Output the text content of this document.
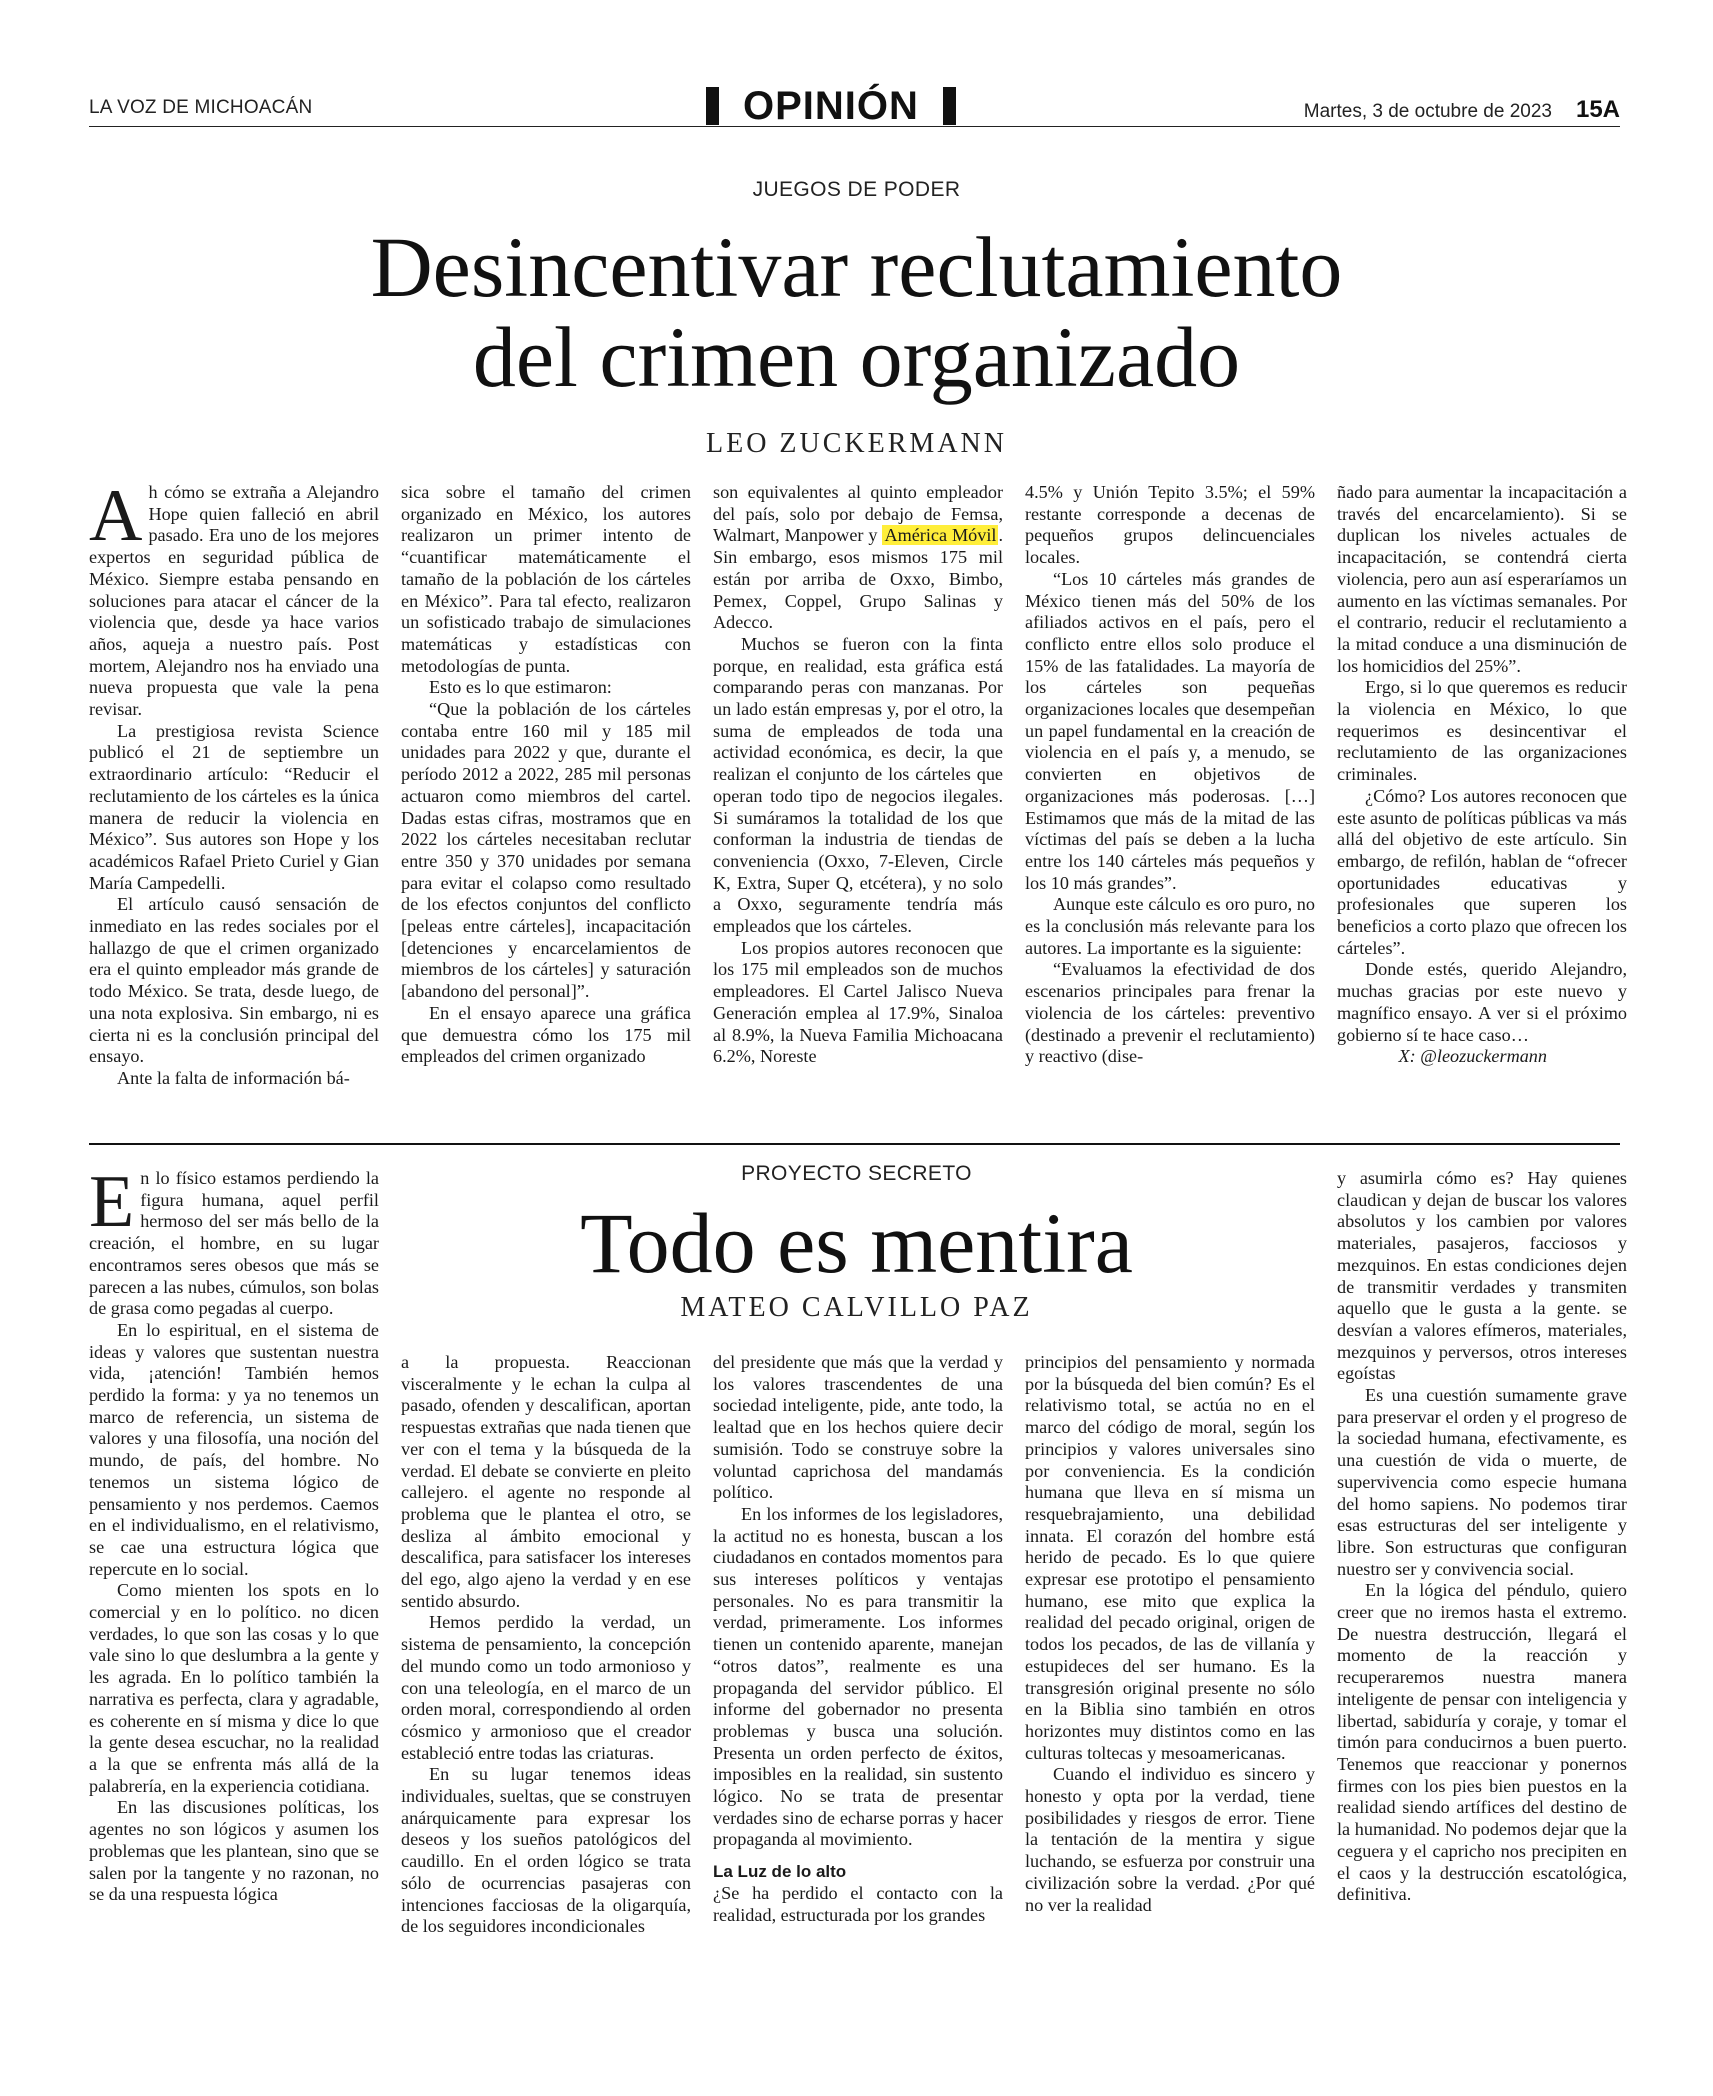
LA VOZ DE MICHOACÁN	OPINIÓN	Martes, 3 de octubre de 2023 15A
JUEGOS DE PODER
Desincentivar reclutamiento
del crimen organizado
LEO ZUCKERMANN

Ah cómo se extraña a Alejandro Hope quien falleció en abril pasado. Era uno de los mejores expertos en seguridad pública de México. Siempre estaba pensando en soluciones para atacar el cáncer de la violencia que, desde ya hace varios años, aqueja a nuestro país. Post mortem, Alejandro nos ha enviado una nueva propuesta que vale la pena revisar.

La prestigiosa revista Science publicó el 21 de septiembre un extraordinario artículo: “Reducir el reclutamiento de los cárteles es la única manera de reducir la violencia en México”. Sus autores son Hope y los académicos Rafael Prieto Curiel y Gian María Campedelli.

El artículo causó sensación de inmediato en las redes sociales por el hallazgo de que el crimen organizado era el quinto empleador más grande de todo México. Se trata, desde luego, de una nota explosiva. Sin embargo, ni es cierta ni es la conclusión principal del ensayo.

Ante la falta de información bá-

sica sobre el tamaño del crimen organizado en México, los autores realizaron un primer intento de “cuantificar matemáticamente el tamaño de la población de los cárteles en México”. Para tal efecto, realizaron un sofisticado trabajo de simulaciones matemáticas y estadísticas con metodologías de punta.

Esto es lo que estimaron:

“Que la población de los cárteles contaba entre 160 mil y 185 mil unidades para 2022 y que, durante el período 2012 a 2022, 285 mil personas actuaron como miembros del cartel. Dadas estas cifras, mostramos que en 2022 los cárteles necesitaban reclutar entre 350 y 370 unidades por semana para evitar el colapso como resultado de los efectos conjuntos del conflicto [peleas entre cárteles], incapacitación [detenciones y encarcelamientos de miembros de los cárteles] y saturación [abandono del personal]”.

En el ensayo aparece una gráfica que demuestra cómo los 175 mil empleados del crimen organizado

son equivalentes al quinto empleador del país, solo por debajo de Femsa, Walmart, Manpower y América Móvil . Sin embargo, esos mismos 175 mil están por arriba de Oxxo, Bimbo, Pemex, Coppel, Grupo Salinas y Adecco.

Muchos se fueron con la finta porque, en realidad, esta gráfica está comparando peras con manzanas. Por un lado están empresas y, por el otro, la suma de empleados de toda una actividad económica, es decir, la que realizan el conjunto de los cárteles que operan todo tipo de negocios ilegales. Si sumáramos la totalidad de los que conforman la industria de tiendas de conveniencia (Oxxo, 7-Eleven, Circle K, Extra, Super Q, etcétera), y no solo a Oxxo, seguramente tendría más empleados que los cárteles.

Los propios autores reconocen que los 175 mil empleados son de muchos empleadores. El Cartel Jalisco Nueva Generación emplea al 17.9%, Sinaloa al 8.9%, la Nueva Familia Michoacana 6.2%, Noreste

4.5% y Unión Tepito 3.5%; el 59% restante corresponde a decenas de pequeños grupos delincuenciales locales.

“Los 10 cárteles más grandes de México tienen más del 50% de los afiliados activos en el país, pero el conflicto entre ellos solo produce el 15% de las fatalidades. La mayoría de los cárteles son pequeñas organizaciones locales que desempeñan un papel fundamental en la creación de violencia en el país y, a menudo, se convierten en objetivos de organizaciones más poderosas. […] Estimamos que más de la mitad de las víctimas del país se deben a la lucha entre los 140 cárteles más pequeños y los 10 más grandes”.

Aunque este cálculo es oro puro, no es la conclusión más relevante para los autores. La importante es la siguiente:

“Evaluamos la efectividad de dos escenarios principales para frenar la violencia de los cárteles: preventivo (destinado a prevenir el reclutamiento) y reactivo (dise-

ñado para aumentar la incapacitación a través del encarcelamiento). Si se duplican los niveles actuales de incapacitación, se contendrá cierta violencia, pero aun así esperaríamos un aumento en las víctimas semanales. Por el contrario, reducir el reclutamiento a la mitad conduce a una disminución de los homicidios del 25%”.

Ergo, si lo que queremos es reducir la violencia en México, lo que requerimos es desincentivar el reclutamiento de las organizaciones criminales.

¿Cómo? Los autores reconocen que este asunto de políticas públicas va más allá del objetivo de este artículo. Sin embargo, de refilón, hablan de “ofrecer oportunidades educativas y profesionales que superen los beneficios a corto plazo que ofrecen los cárteles”.

Donde estés, querido Alejandro, muchas gracias por este nuevo y magnífico ensayo. A ver si el próximo gobierno sí te hace caso…

X: @leozuckermann

PROYECTO SECRETO
Todo es mentira
MATEO CALVILLO PAZ

En lo físico estamos perdiendo la figura humana, aquel perfil hermoso del ser más bello de la creación, el hombre, en su lugar encontramos seres obesos que más se parecen a las nubes, cúmulos, son bolas de grasa como pegadas al cuerpo.

En lo espiritual, en el sistema de ideas y valores que sustentan nuestra vida, ¡atención! También hemos perdido la forma: y ya no tenemos un marco de referencia, un sistema de valores y una filosofía, una noción del mundo, de país, del hombre. No tenemos un sistema lógico de pensamiento y nos perdemos. Caemos en el individualismo, en el relativismo, se cae una estructura lógica que repercute en lo social.

Como mienten los spots en lo comercial y en lo político. no dicen verdades, lo que son las cosas y lo que vale sino lo que deslumbra a la gente y les agrada. En lo político también la narrativa es perfecta, clara y agradable, es coherente en sí misma y dice lo que la gente desea escuchar, no la realidad a la que se enfrenta más allá de la palabrería, en la experiencia cotidiana.

En las discusiones políticas, los agentes no son lógicos y asumen los problemas que les plantean, sino que se salen por la tangente y no razonan, no se da una respuesta lógica

a la propuesta. Reaccionan visceralmente y le echan la culpa al pasado, ofenden y descalifican, aportan respuestas extrañas que nada tienen que ver con el tema y la búsqueda de la verdad. El debate se convierte en pleito callejero. el agente no responde al problema que le plantea el otro, se desliza al ámbito emocional y descalifica, para satisfacer los intereses del ego, algo ajeno la verdad y en ese sentido absurdo.

Hemos perdido la verdad, un sistema de pensamiento, la concepción del mundo como un todo armonioso y con una teleología, en el marco de un orden moral, correspondiendo al orden cósmico y armonioso que el creador estableció entre todas las criaturas.

En su lugar tenemos ideas individuales, sueltas, que se construyen anárquicamente para expresar los deseos y los sueños patológicos del caudillo. En el orden lógico se trata sólo de ocurrencias pasajeras con intenciones facciosas de la oligarquía, de los seguidores incondicionales

del presidente que más que la verdad y los valores trascendentes de una sociedad inteligente, pide, ante todo, la lealtad que en los hechos quiere decir sumisión. Todo se construye sobre la voluntad caprichosa del mandamás político.

En los informes de los legisladores, la actitud no es honesta, buscan a los ciudadanos en contados momentos para sus intereses políticos y ventajas personales. No es para transmitir la verdad, primeramente. Los informes tienen un contenido aparente, manejan “otros datos”, realmente es una propaganda del servidor público. El informe del gobernador no presenta problemas y busca una solución. Presenta un orden perfecto de éxitos, imposibles en la realidad, sin sustento lógico. No se trata de presentar verdades sino de echarse porras y hacer propaganda al movimiento.

La Luz de lo alto

¿Se ha perdido el contacto con la realidad, estructurada por los grandes

principios del pensamiento y normada por la búsqueda del bien común? Es el relativismo total, se actúa no en el marco del código de moral, según los principios y valores universales sino por conveniencia. Es la condición humana que lleva en sí misma un resquebrajamiento, una debilidad innata. El corazón del hombre está herido de pecado. Es lo que quiere expresar ese prototipo el pensamiento humano, ese mito que explica la realidad del pecado original, origen de todos los pecados, de las de villanía y estupideces del ser humano. Es la transgresión original presente no sólo en la Biblia sino también en otros horizontes muy distintos como en las culturas toltecas y mesoamericanas.

Cuando el individuo es sincero y honesto y opta por la verdad, tiene posibilidades y riesgos de error. Tiene la tentación de la mentira y sigue luchando, se esfuerza por construir una civilización sobre la verdad. ¿Por qué no ver la realidad

y asumirla cómo es? Hay quienes claudican y dejan de buscar los valores absolutos y los cambien por valores materiales, pasajeros, facciosos y mezquinos. En estas condiciones dejen de transmitir verdades y transmiten aquello que le gusta a la gente. se desvían a valores efímeros, materiales, mezquinos y perversos, otros intereses egoístas

Es una cuestión sumamente grave para preservar el orden y el progreso de la sociedad humana, efectivamente, es una cuestión de vida o muerte, de supervivencia como especie humana del homo sapiens. No podemos tirar esas estructuras del ser inteligente y libre. Son estructuras que configuran nuestro ser y convivencia social.

En la lógica del péndulo, quiero creer que no iremos hasta el extremo. De nuestra destrucción, llegará el momento de la reacción y recuperaremos nuestra manera inteligente de pensar con inteligencia y libertad, sabiduría y coraje, y tomar el timón para conducirnos a buen puerto. Tenemos que reaccionar y ponernos firmes con los pies bien puestos en la realidad siendo artífices del destino de la humanidad. No podemos dejar que la ceguera y el capricho nos precipiten en el caos y la destrucción escatológica, definitiva.
